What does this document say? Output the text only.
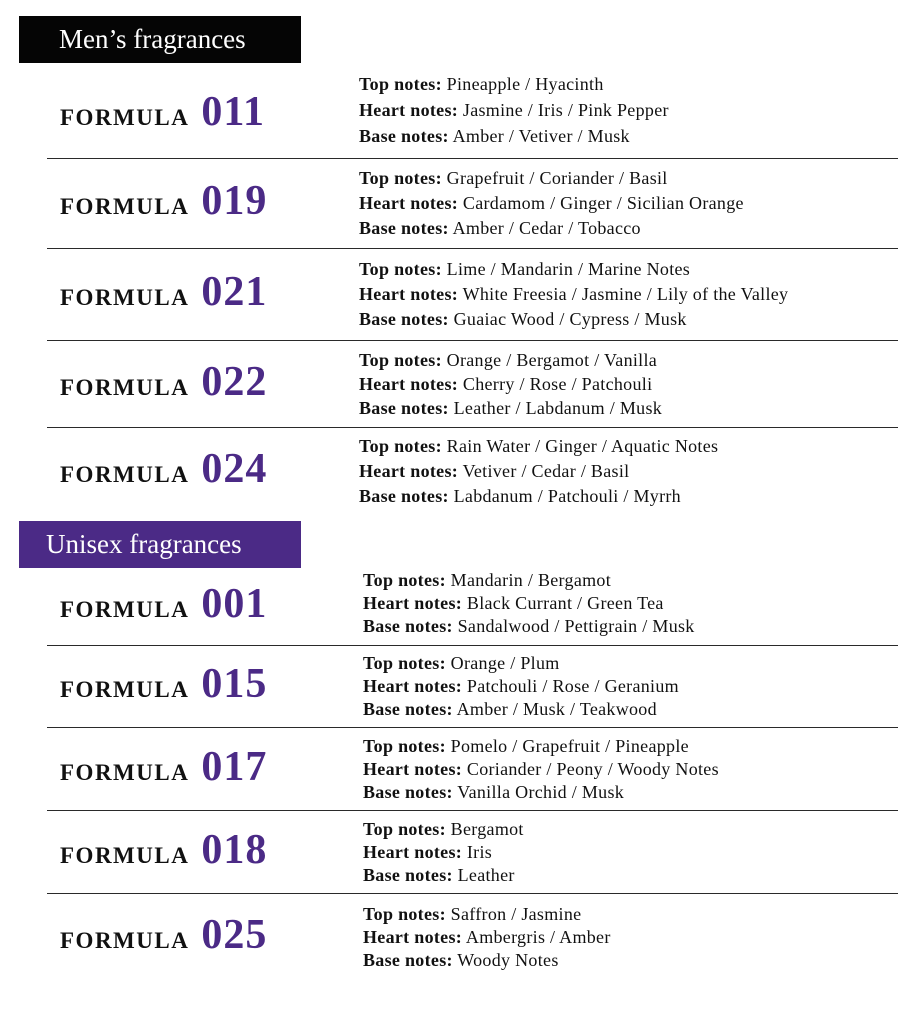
Men’s fragrances
FORMULA 011
Top notes: Pineapple / Hyacinth
Heart notes: Jasmine / Iris / Pink Pepper
Base notes: Amber / Vetiver / Musk
FORMULA 019	Top notes: Grapefruit / Coriander / Basil
Heart notes: Cardamom / Ginger / Sicilian Orange
Base notes: Amber / Cedar / Tobacco
FORMULA 021	Top notes: Lime / Mandarin / Marine Notes
Heart notes: White Freesia / Jasmine / Lily of the Valley
Base notes: Guaiac Wood / Cypress / Musk
FORMULA 022	Top notes: Orange / Bergamot / Vanilla
Heart notes: Cherry / Rose / Patchouli
Base notes: Leather / Labdanum / Musk
FORMULA 024	Top notes: Rain Water / Ginger / Aquatic Notes
Heart notes: Vetiver / Cedar / Basil
Base notes: Labdanum / Patchouli / Myrrh
Unisex fragrances
FORMULA 001
Top notes: Mandarin / Bergamot
Heart notes: Black Currant / Green Tea
Base notes: Sandalwood / Pettigrain / Musk
FORMULA 015	Top notes: Orange / Plum
Heart notes: Patchouli / Rose / Geranium
Base notes: Amber / Musk / Teakwood
FORMULA 017	Top notes: Pomelo / Grapefruit / Pineapple
Heart notes: Coriander / Peony / Woody Notes
Base notes: Vanilla Orchid / Musk
FORMULA 018	Top notes: Bergamot
Heart notes: Iris
Base notes: Leather
FORMULA 025	Top notes: Saffron / Jasmine
Heart notes: Ambergris / Amber
Base notes: Woody Notes
